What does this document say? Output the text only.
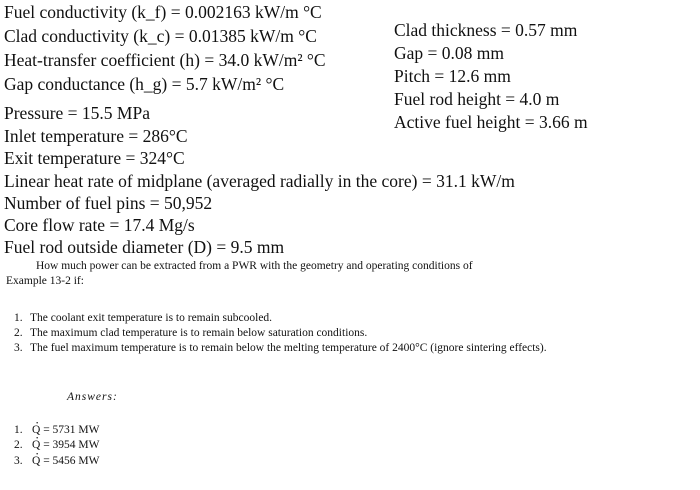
Fuel conductivity (k_f) = 0.002163 kW/m °C
Clad conductivity (k_c) = 0.01385 kW/m °C
Heat-transfer coefficient (h) = 34.0 kW/m² °C
Gap conductance (h_g) = 5.7 kW/m² °C
Clad thickness = 0.57 mm
Gap = 0.08 mm
Pitch = 12.6 mm
Fuel rod height = 4.0 m
Active fuel height = 3.66 m
Pressure = 15.5 MPa
Inlet temperature = 286°C
Exit temperature = 324°C
Linear heat rate of midplane (averaged radially in the core) = 31.1 kW/m
Number of fuel pins = 50,952
Core flow rate = 17.4 Mg/s
Fuel rod outside diameter (D) = 9.5 mm
How much power can be extracted from a PWR with the geometry and operating conditions of
Example 13-2 if:
1. The coolant exit temperature is to remain subcooled.
2. The maximum clad temperature is to remain below saturation conditions.
3. The fuel maximum temperature is to remain below the melting temperature of 2400°C (ignore sintering effects).
Answers:
1. · Q = 5731 MW
2. · Q = 3954 MW
3. · Q = 5456 MW
